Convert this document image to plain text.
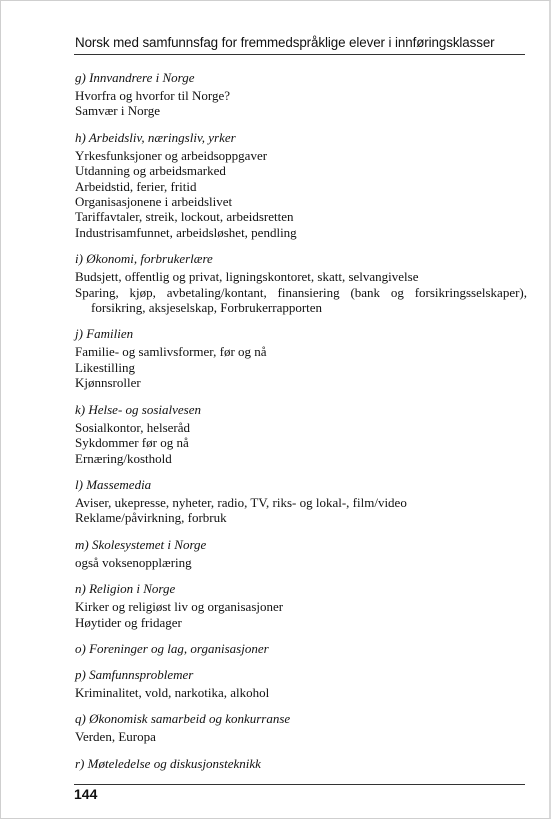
Norsk med samfunnsfag for fremmedspråklige elever i innføringsklasser
g) Innvandrere i Norge
Hvorfra og hvorfor til Norge?
Samvær i Norge
h) Arbeidsliv, næringsliv, yrker
Yrkesfunksjoner og arbeidsoppgaver
Utdanning og arbeidsmarked
Arbeidstid, ferier, fritid
Organisasjonene i arbeidslivet
Tariffavtaler, streik, lockout, arbeidsretten
Industrisamfunnet, arbeidsløshet, pendling
i) Økonomi, forbrukerlære
Budsjett, offentlig og privat, ligningskontoret, skatt, selvangivelse
Sparing, kjøp, avbetaling/kontant, finansiering (bank og forsikringsselskaper), forsikring, aksjeselskap, Forbrukerrapporten
j) Familien
Familie- og samlivsformer, før og nå
Likestilling
Kjønnsroller
k) Helse- og sosialvesen
Sosialkontor, helseråd
Sykdommer før og nå
Ernæring/kosthold
l) Massemedia
Aviser, ukepresse, nyheter, radio, TV, riks- og lokal-, film/video
Reklame/påvirkning, forbruk
m) Skolesystemet i Norge
også voksenopplæring
n) Religion i Norge
Kirker og religiøst liv og organisasjoner
Høytider og fridager
o) Foreninger og lag, organisasjoner
p) Samfunnsproblemer
Kriminalitet, vold, narkotika, alkohol
q) Økonomisk samarbeid og konkurranse
Verden, Europa
r) Møteledelse og diskusjonsteknikk
144
